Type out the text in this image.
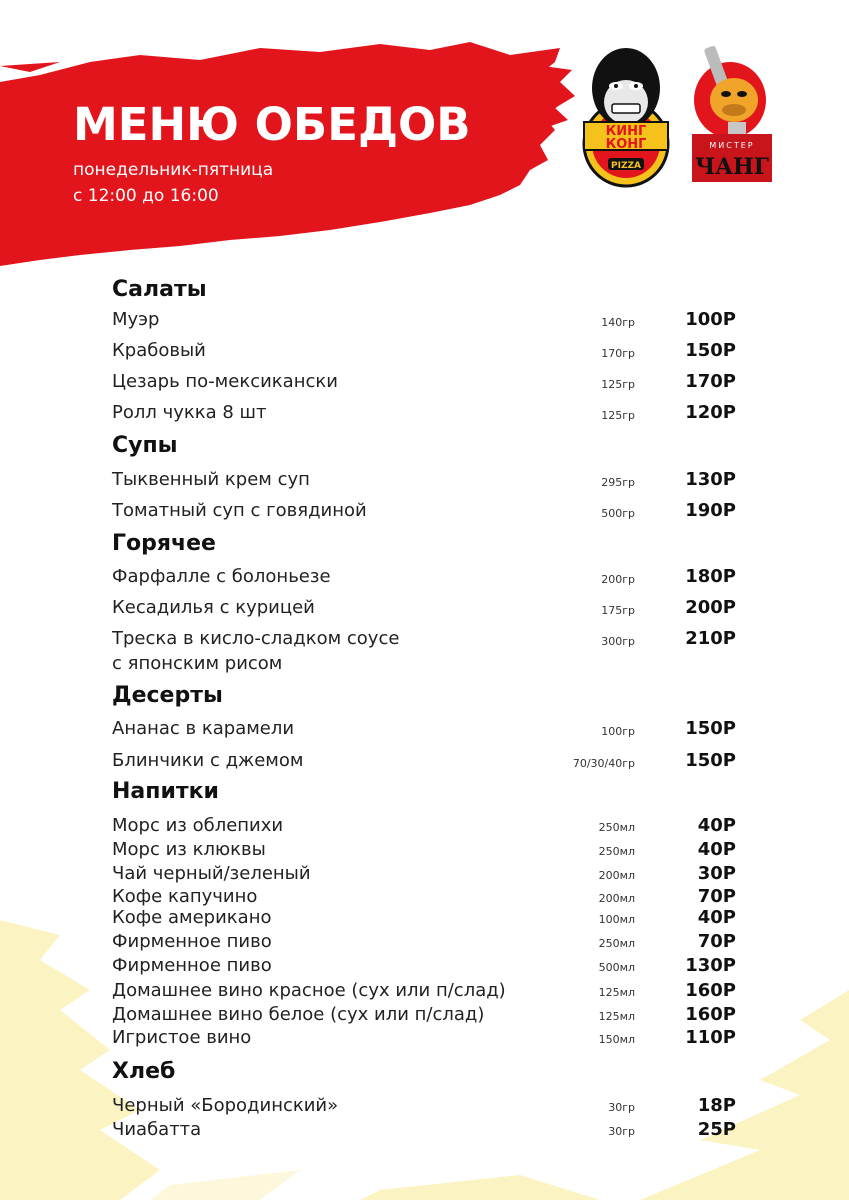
МЕНЮ ОБЕДОВ
понедельник-пятница
с 12:00 до 16:00
КИНГ
КОНГ
PIZZA
МИСТЕР
ЧАНГ
Салаты
Муэр	140гр	100Р
Крабовый	170гр	150Р
Цезарь по-мексикански	125гр	170Р
Ролл чукка 8 шт	125гр	120Р
Супы
Тыквенный крем суп	295гр	130Р
Томатный суп с говядиной	500гр	190Р
Горячее
Фарфалле с болоньезе	200гр	180Р
Кесадилья с курицей	175гр	200Р
Треска в кисло-сладком соусе	300гр	210Р
с японским рисом
Десерты
Ананас в карамели	100гр	150Р
Блинчики с джемом	70/30/40гр	150Р
Напитки
Морс из облепихи	250мл	40Р
Морс из клюквы	250мл	40Р
Чай черный/зеленый	200мл	30Р
Кофе капучино	200мл	70Р
Кофе американо	100мл	40Р
Фирменное пиво	250мл	70Р
Фирменное пиво	500мл	130Р
Домашнее вино красное (сух или п/слад)	125мл	160Р
Домашнее вино белое (сух или п/слад)	125мл	160Р
Игристое вино	150мл	110Р
Хлеб
Черный «Бородинский»	30гр	18Р
Чиабатта	30гр	25Р
